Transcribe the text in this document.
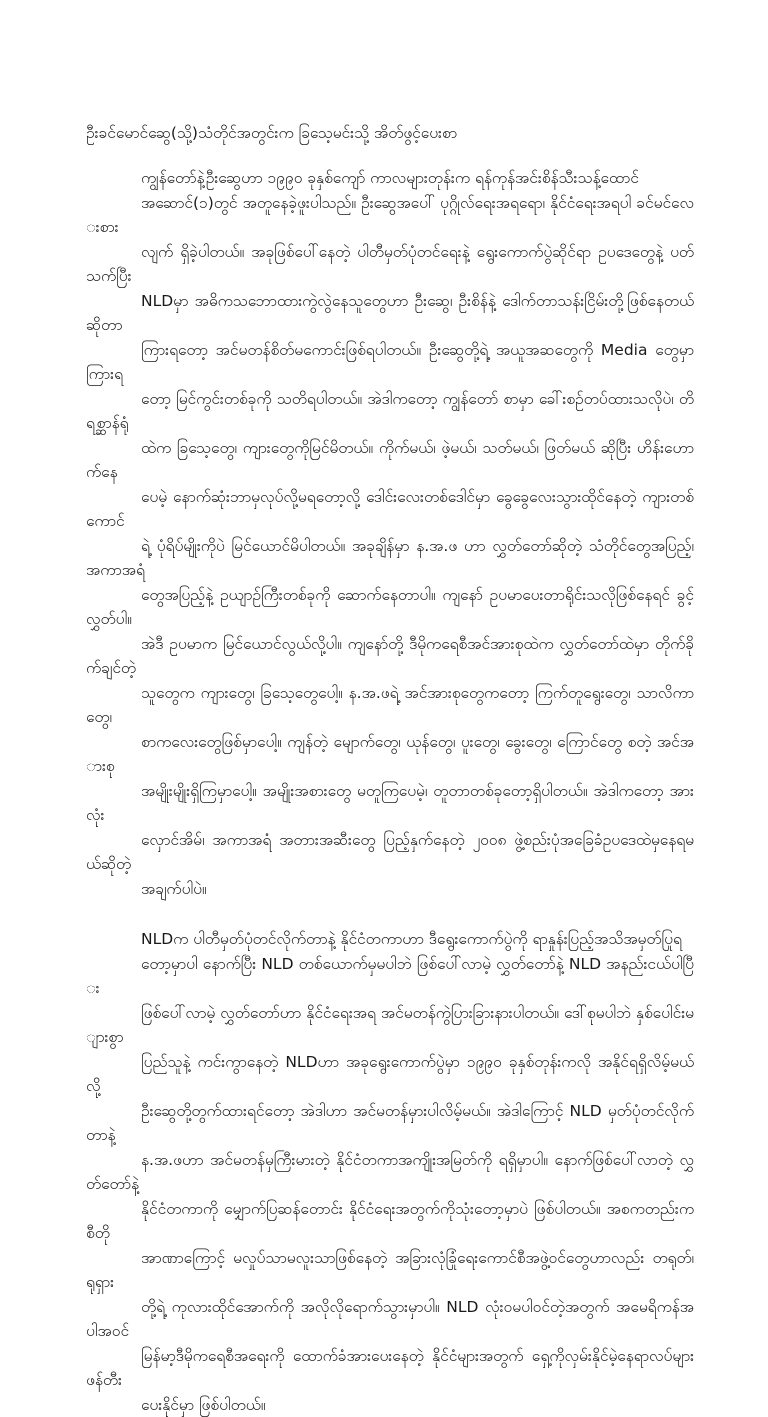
ဦးခင်မောင်ဆွေ(သို့)သံတိုင်အတွင်းက ခြသေ့မင်းသို့ အိတ်ဖွင့်ပေးစာ
ကျွန်တော်နဲ့ဦးဆွေဟာ ၁၉၉၀ ခုနှစ်ကျော် ကာလများတုန်းက ရန်ကုန်အင်းစိန်သီးသန့်ထောင်
အဆောင်(၁)တွင် အတူနေခဲ့ဖူးပါသည်။ ဦးဆွေအပေါ် ပုဂ္ဂိုလ်ရေးအရရော၊ နိုင်ငံရေးအရပါ ခင်မင်လေးစား
လျက် ရှိခဲ့ပါတယ်။ အခုဖြစ်ပေါ်နေတဲ့ ပါတီမှတ်ပုံတင်ရေးနဲ့ ရွေးကောက်ပွဲဆိုင်ရာ ဥပဒေတွေနဲ့ ပတ်သက်ပြီး
NLDမှာ အဓိကသဘောထားကွဲလွဲနေသူတွေဟာ ဦးဆွေ၊ ဦးစိန်နဲ့ ဒေါက်တာသန်းငြိမ်းတို့ဖြစ်နေတယ်ဆိုတာ
ကြားရတော့ အင်မတန်စိတ်မကောင်းဖြစ်ရပါတယ်။ ဦးဆွေတို့ရဲ့ အယူအဆတွေကို Media တွေမှာ ကြားရ
တော့ မြင်ကွင်းတစ်ခုကို သတိရပါတယ်။ အဲဒါကတော့ ကျွန်တော် စာမှာ ခေါ်းစဉ်တပ်ထားသလိုပဲ၊ တိရစ္ဆာန်ရုံ
ထဲက ခြသေ့တွေ၊ ကျားတွေကိုမြင်မိတယ်။ ကိုက်မယ်၊ ဖဲ့မယ်၊ သတ်မယ်၊ ဖြတ်မယ် ဆိုပြီး ဟိန်းဟောက်နေ
ပေမဲ့ နောက်ဆုံးဘာမှလုပ်လို့မရတော့လို့ ဒေါင်းလေးတစ်ဒေါင်မှာ ခွေခွေလေးသွားထိုင်နေတဲ့ ကျားတစ်ကောင်
ရဲ့ ပုံရိပ်မျိုးကိုပဲ မြင်ယောင်မိပါတယ်။ အခုချိန်မှာ န.အ.ဖ ဟာ လွှတ်တော်ဆိုတဲ့ သံတိုင်တွေအပြည့်၊ အကာအရံ
တွေအပြည့်နဲ့ ဥယျာဉ်ကြီးတစ်ခုကို ဆောက်နေတာပါ။ ကျနော် ဥပမာပေးတာရိုင်းသလိုဖြစ်နေရင် ခွင့်လွှတ်ပါ။
အဲဒီ ဥပမာက မြင်ယောင်လွယ်လို့ပါ။ ကျနော်တို့ ဒီမိုကရေစီအင်အားစုထဲက လွှတ်တော်ထဲမှာ တိုက်ခိုက်ချင်တဲ့
သူတွေက ကျားတွေ၊ ခြသေ့တွေပေါ့။ န.အ.ဖရဲ့ အင်အားစုတွေကတော့ ကြက်တူရွေးတွေ၊ သာလိကာတွေ၊
စာကလေးတွေဖြစ်မှာပေါ့။ ကျန်တဲ့ မျောက်တွေ၊ ယုန်တွေ၊ ပူးတွေ၊ ခွေးတွေ၊ ကြောင်တွေ စတဲ့ အင်အားစု
အမျိုးမျိုးရှိကြမှာပေါ့။ အမျိုးအစားတွေ မတူကြပေမဲ့၊ တူတာတစ်ခုတော့ရှိပါတယ်။ အဲဒါကတော့ အားလုံး
လှောင်အိမ်၊ အကာအရံ အတားအဆီးတွေ ပြည့်နှက်နေတဲ့ ၂၀၀၈ ဖွဲ့စည်းပုံအခြေခံဥပဒေထဲမှနေရမယ်ဆိုတဲ့
အချက်ပါပဲ။
NLDက ပါတီမှတ်ပုံတင်လိုက်တာနဲ့ နိုင်ငံတကာဟာ ဒီရွေးကောက်ပွဲကို ရာနှုန်းပြည့်အသိအမှတ်ပြုရ
တော့မှာပါ နောက်ပြီး NLD တစ်ယောက်မှမပါဘဲ ဖြစ်ပေါ်လာမဲ့ လွှတ်တော်နဲ့ NLD အနည်းငယ်ပါပြီး
ဖြစ်ပေါ်လာမဲ့ လွှတ်တော်ဟာ နိုင်ငံရေးအရ အင်မတန်ကွဲပြားခြားနားပါတယ်။ ဒေါ်စုမပါဘဲ နှစ်ပေါင်းများစွာ
ပြည်သူနဲ့ ကင်းကွာနေတဲ့ NLDဟာ အခုရွေးကောက်ပွဲမှာ ၁၉၉၀ ခုနှစ်တုန်းကလို အနိုင်ရရှိလိမ့်မယ်လို့
ဦးဆွေတို့တွက်ထားရင်တော့ အဲဒါဟာ အင်မတန်မှားပါလိမ့်မယ်။ အဲဒါကြောင့် NLD မှတ်ပုံတင်လိုက်တာနဲ့
န.အ.ဖဟာ အင်မတန်မှကြီးမားတဲ့ နိုင်ငံတကာအကျိုးအမြတ်ကို ရရှိမှာပါ။ နောက်ဖြစ်ပေါ်လာတဲ့ လွှတ်တော်နဲ့
နိုင်ငံတကာကို မျှောက်ပြဆန်တောင်း နိုင်ငံရေးအတွက်ကိုသုံးတော့မှာပဲ ဖြစ်ပါတယ်။ အစကတည်းက စီတို
အာဏာကြောင့် မလှုပ်သာမလူးသာဖြစ်နေတဲ့ အခြားလုံခြုံရေးကောင်စီအဖွဲ့ဝင်တွေဟာလည်း တရုတ်၊ ရုရှား
တို့ရဲ့ ကုလားထိုင်အောက်ကို အလိုလိုရောက်သွားမှာပါ။ NLD လုံးဝမပါဝင်တဲ့အတွက် အမေရိကန်အပါအဝင်
မြန်မာ့ဒီမိုကရေစီအရေးကို ထောက်ခံအားပေးနေတဲ့ နိုင်ငံများအတွက် ရှေ့ကိုလှမ်းနိုင်မဲ့နေရာလပ်များ ဖန်တီး
ပေးနိုင်မှာ ဖြစ်ပါတယ်။
